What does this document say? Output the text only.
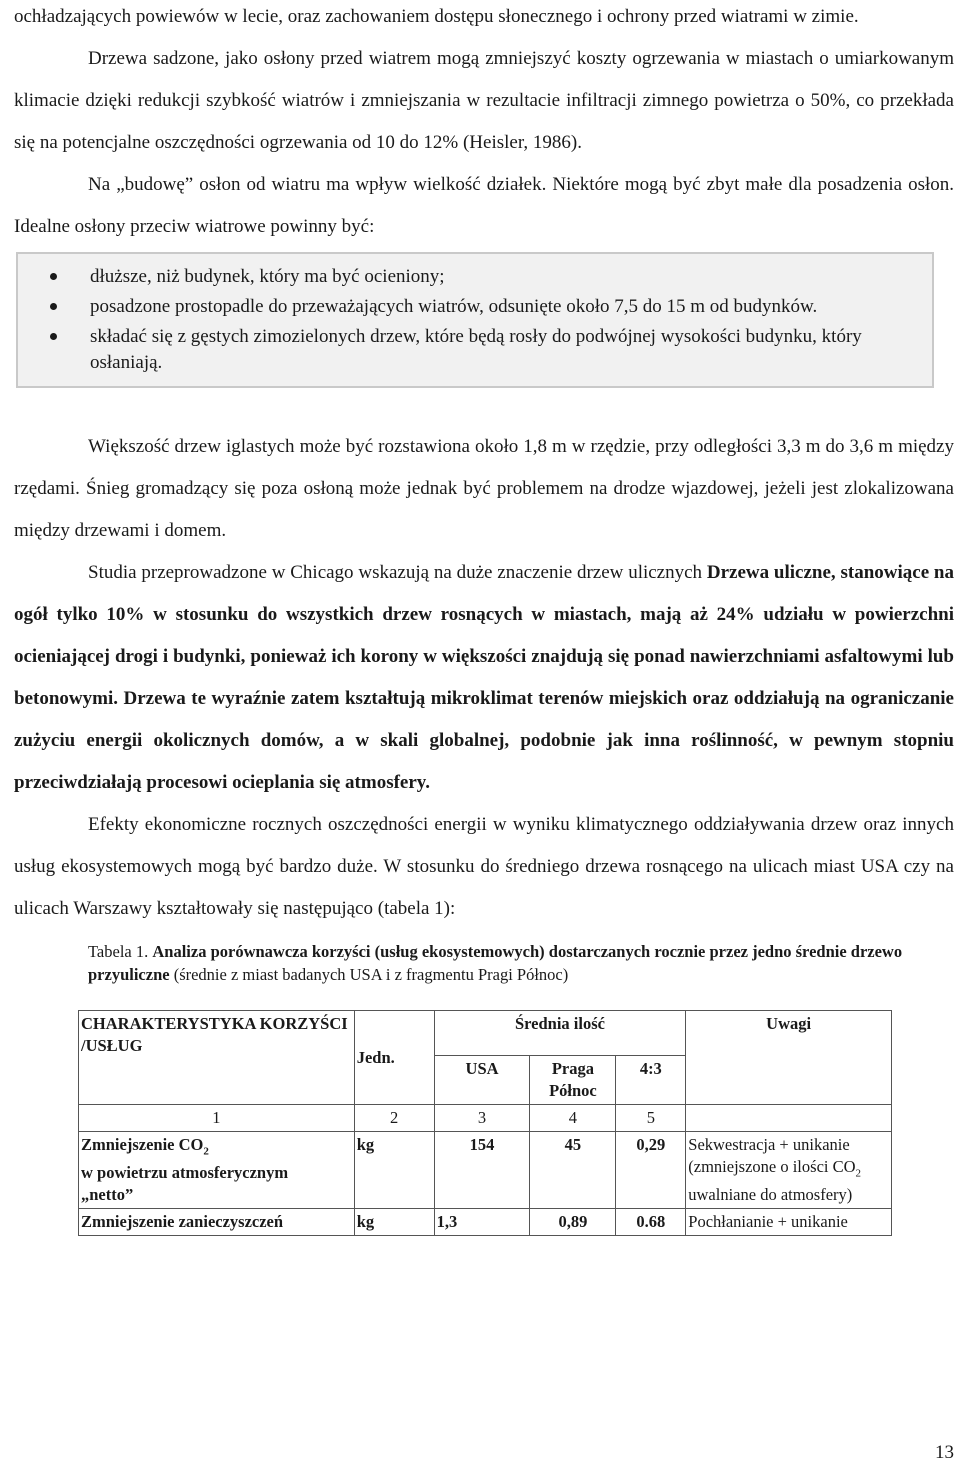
ochładzających powiewów w lecie, oraz zachowaniem dostępu słonecznego i ochrony przed wiatrami w zimie.

Drzewa sadzone, jako osłony przed wiatrem mogą zmniejszyć koszty ogrzewania w miastach o umiarkowanym klimacie dzięki redukcji szybkość wiatrów i zmniejszania w rezultacie infiltracji zimnego powietrza o 50%, co przekłada się na potencjalne oszczędności ogrzewania od 10 do 12% (Heisler, 1986).

Na „budowę” osłon od wiatru ma wpływ wielkość działek. Niektóre mogą być zbyt małe dla posadzenia osłon. Idealne osłony przeciw wiatrowe powinny być:

dłuższe, niż budynek, który ma być ocieniony;
posadzone prostopadle do przeważających wiatrów, odsunięte około 7,5 do 15 m od budynków.
składać się z gęstych zimozielonych drzew, które będą rosły do podwójnej wysokości budynku, który osłaniają.

Większość drzew iglastych może być rozstawiona około 1,8 m w rzędzie, przy odległości 3,3 m do 3,6 m między rzędami. Śnieg gromadzący się poza osłoną może jednak być problemem na drodze wjazdowej, jeżeli jest zlokalizowana między drzewami i domem.

Studia przeprowadzone w Chicago wskazują na duże znaczenie drzew ulicznych Drzewa uliczne, stanowiące na ogół tylko 10% w stosunku do wszystkich drzew rosnących w miastach, mają aż 24% udziału w powierzchni ocieniającej drogi i budynki, ponieważ ich korony w większości znajdują się ponad nawierzchniami asfaltowymi lub betonowymi. Drzewa te wyraźnie zatem kształtują mikroklimat terenów miejskich oraz oddziałują na ograniczanie zużyciu energii okolicznych domów, a w skali globalnej, podobnie jak inna roślinność, w pewnym stopniu przeciwdziałają procesowi ocieplania się atmosfery.

Efekty ekonomiczne rocznych oszczędności energii w wyniku klimatycznego oddziaływania drzew oraz innych usług ekosystemowych mogą być bardzo duże. W stosunku do średniego drzewa rosnącego na ulicach miast USA czy na ulicach Warszawy kształtowały się następująco (tabela 1):

Tabela 1. Analiza porównawcza korzyści (usług ekosystemowych) dostarczanych rocznie przez jedno średnie drzewo przyuliczne (średnie z miast badanych USA i z fragmentu Pragi Północ)
CHARAKTERYSTYKA KORZYŚCI /USŁUG	Jedn.	Średnia ilość			Uwagi
		USA	Praga Północ	4:3	
1	2	3	4	5	
Zmniejszenie $CO_2$
w powietrzu atmosferycznym
„netto”	kg	154	45	0,29	Sekwestracja + unikanie
(zmniejszone o ilości $CO_2$
uwalniane do atmosfery)
Zmniejszenie zanieczyszczeń	kg	1,3	0,89	0.68	Pochłanianie + unikanie
13
